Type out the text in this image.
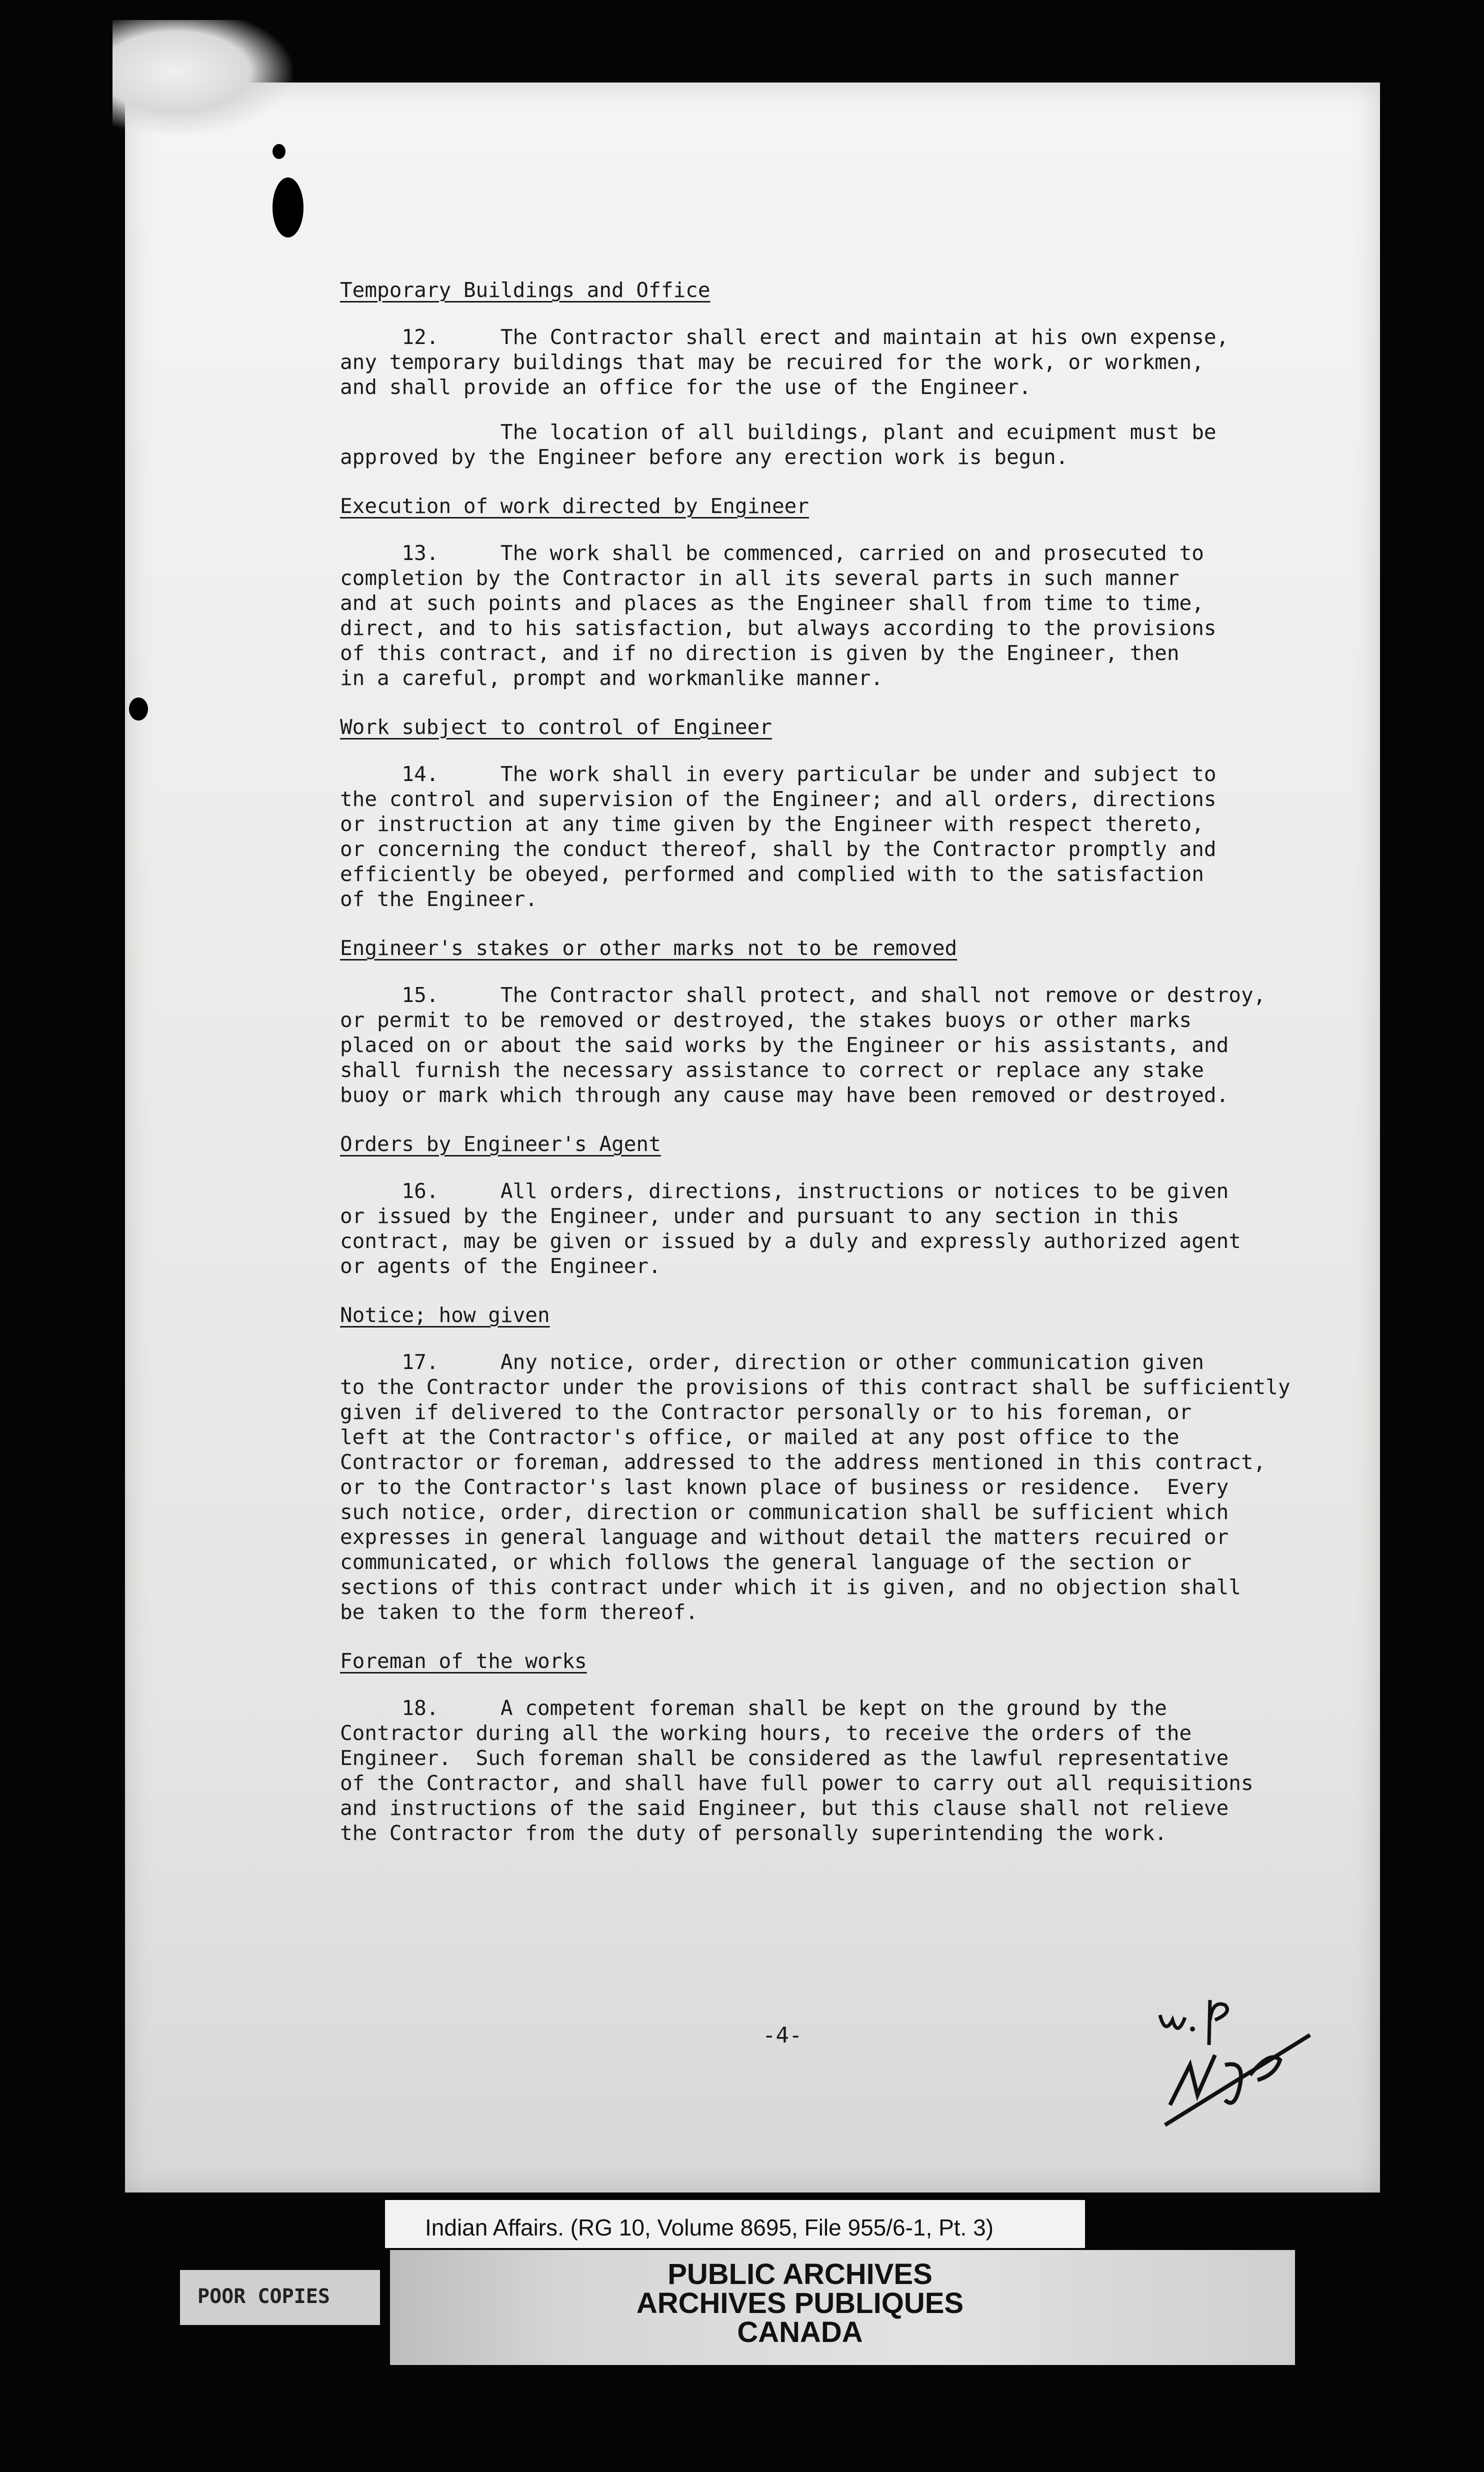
Temporary Buildings and Office
12.     The Contractor shall erect and maintain at his own expense,
any temporary buildings that may be recuired for the work, or workmen,
and shall provide an office for the use of the Engineer.
The location of all buildings, plant and ecuipment must be
approved by the Engineer before any erection work is begun.
Execution of work directed by Engineer
13.     The work shall be commenced, carried on and prosecuted to
completion by the Contractor in all its several parts in such manner
and at such points and places as the Engineer shall from time to time,
direct, and to his satisfaction, but always according to the provisions
of this contract, and if no direction is given by the Engineer, then
in a careful, prompt and workmanlike manner.
Work subject to control of Engineer
14.     The work shall in every particular be under and subject to
the control and supervision of the Engineer; and all orders, directions
or instruction at any time given by the Engineer with respect thereto,
or concerning the conduct thereof, shall by the Contractor promptly and
efficiently be obeyed, performed and complied with to the satisfaction
of the Engineer.
Engineer's stakes or other marks not to be removed
15.     The Contractor shall protect, and shall not remove or destroy,
or permit to be removed or destroyed, the stakes buoys or other marks
placed on or about the said works by the Engineer or his assistants, and
shall furnish the necessary assistance to correct or replace any stake
buoy or mark which through any cause may have been removed or destroyed.
Orders by Engineer's Agent
16.     All orders, directions, instructions or notices to be given
or issued by the Engineer, under and pursuant to any section in this
contract, may be given or issued by a duly and expressly authorized agent
or agents of the Engineer.
Notice; how given
17.     Any notice, order, direction or other communication given
to the Contractor under the provisions of this contract shall be sufficiently
given if delivered to the Contractor personally or to his foreman, or
left at the Contractor's office, or mailed at any post office to the
Contractor or foreman, addressed to the address mentioned in this contract,
or to the Contractor's last known place of business or residence.  Every
such notice, order, direction or communication shall be sufficient which
expresses in general language and without detail the matters recuired or
communicated, or which follows the general language of the section or
sections of this contract under which it is given, and no objection shall
be taken to the form thereof.
Foreman of the works
18.     A competent foreman shall be kept on the ground by the
Contractor during all the working hours, to receive the orders of the
Engineer.  Such foreman shall be considered as the lawful representative
of the Contractor, and shall have full power to carry out all requisitions
and instructions of the said Engineer, but this clause shall not relieve
the Contractor from the duty of personally superintending the work.
-4-
Indian Affairs. (RG 10, Volume 8695, File 955/6-1, Pt. 3)
PUBLIC ARCHIVES
ARCHIVES PUBLIQUES
CANADA
POOR COPIES
